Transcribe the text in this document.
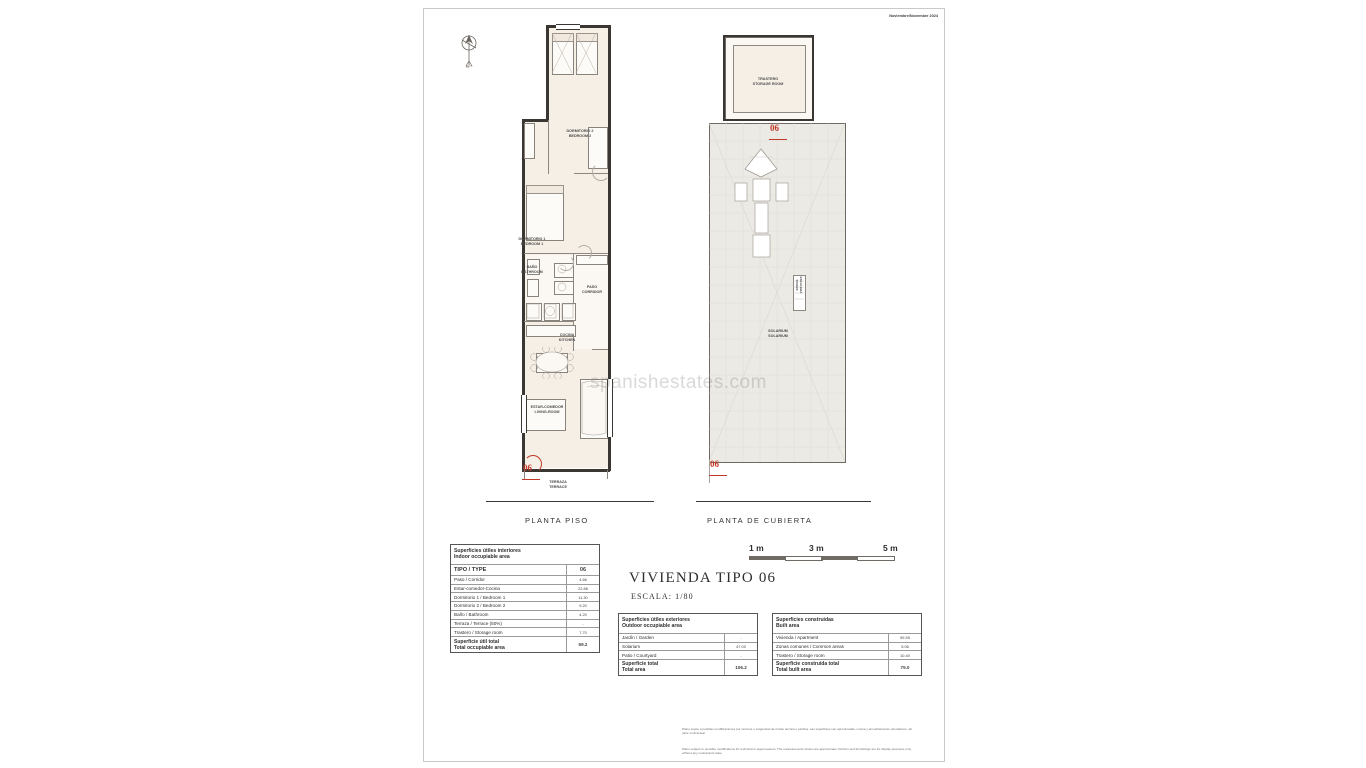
Noviembre/November 2024
N
DORMITORIO 2
BEDROOM 2
DORMITORIO 1
BEDROOM 1
BAÑO
BATHROOM
PASO
CORRIDOR
COCINA
KITCHEN
ESTAR-COMEDOR
LIVING-ROOM
TERRAZA
TERRACE
06
TRASTERO
STORAGE ROOM
SOLARIUM
SOLARIUM
ESCALERA
STAIRS
06
06
PLANTA PISO	PLANTA DE CUBIERTA
1 m	3 m	5 m
VIVIENDA TIPO 06
ESCALA: 1/80
Superficies útiles interiores
Indoor occupiable area	
TIPO / TYPE	06
Paso / Corridor	4.66
Estar-comedor-Cocina	22.86
Dormitorio 1 / Bedroom 1	11.30
Dormitorio 2 / Bedroom 2	9.20
Baño / Bathroom	4.20
Terraza / Terrace (50%)	-
Trastero / Storage room	7.70
Superficie útil total
Total occupiable area	59.2
Superficies útiles exteriores
Outdoor occupiable area	
Jardín / Garden	-
Solarium	47.00
Patio / Courtyard	-
Superficie total
Total area	106.2
Superficies construidas
Built area	
Vivienda / Apartment	59.55
Zonas comunes / Common areas	5.06
Trastero / Storage room	10.40
Superficie construida total
Total built area	75.0
Plano sujeto a posibles modificaciones por razones o exigencias de índole técnica o jurídica. Las superficies son aproximadas. cocina y amueblamiento orientativos, sin valor contractual
Plans subject to possible modifications for technical or legal reasons. The measurements shown are approximate. Kitchen and furnishings are for display purposes only, without any contractual value
spanishestates.com
